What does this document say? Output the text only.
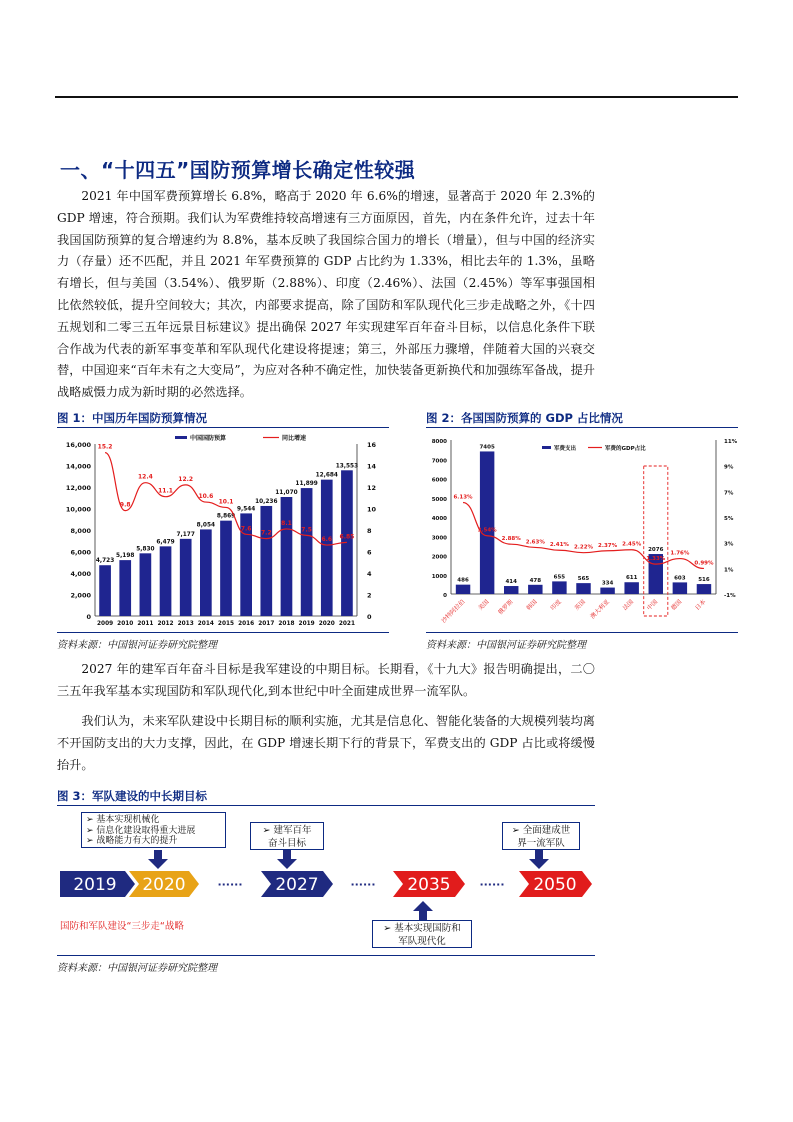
一、“十四五”国防预算增长确定性较强

2021 年中国军费预算增长 6.8%，略高于 2020 年 6.6%的增速，显著高于 2020 年 2.3%的 GDP 增速，符合预期。我们认为军费维持较高增速有三方面原因，首先，内在条件允许，过去十年我国国防预算的复合增速约为 8.8%，基本反映了我国综合国力的增长（增量），但与中国的经济实力（存量）还不匹配，并且 2021 年军费预算的 GDP 占比约为 1.33%，相比去年的 1.3%，虽略有增长，但与美国（3.54%）、俄罗斯（2.88%）、印度（2.46%）、法国（2.45%）等军事强国相比依然较低，提升空间较大；其次，内部要求提高，除了国防和军队现代化三步走战略之外，《十四五规划和二零三五年远景目标建议》提出确保 2027 年实现建军百年奋斗目标，以信息化条件下联合作战为代表的新军事变革和军队现代化建设将提速；第三，外部压力骤增，伴随着大国的兴衰交替，中国迎来“百年未有之大变局”，为应对各种不确定性，加快装备更新换代和加强练军备战，提升战略威慑力成为新时期的必然选择。

图 1：中国历年国防预算情况
0
2,000
4,000
6,000
8,000
10,000
12,000
14,000
16,000
0
2
4
6
8
10
12
14
16
4,723
2009
5,198
2010
5,830
2011
6,479
2012
7,177
2013
8,054
2014
8,869
2015
9,544
2016
10,236
2017
11,070
2018
11,899
2019
12,684
2020
13,553
2021
15.2
9.8
12.4
11.1
12.2
10.6
10.1
7.6
7.2
8.1
7.5
6.6 6.85
中国国防预算	同比增速
资料来源：中国银河证券研究院整理
图 2：各国国防预算的 GDP 占比情况
0
1000
2000
3000
4000
5000
6000
7000
8000
-1%
1%
3%
5%
7%
9%
11%
486
沙特阿拉伯
7405
美国
414
俄罗斯
478
韩国
655
印度
565
英国
334
澳大利亚
611
法国
2076
中国
603
德国
516
日本
6.13%
3.54%
2.88%
2.63% 2.41% 2.22% 2.37% 2.45%
1.33%
1.76%
0.99%
军费支出	军费的GDP占比
资料来源：中国银河证券研究院整理

2027 年的建军百年奋斗目标是我军建设的中期目标。长期看，《十九大》报告明确提出，二〇三五年我军基本实现国防和军队现代化,到本世纪中叶全面建成世界一流军队。

我们认为，未来军队建设中长期目标的顺利实施，尤其是信息化、智能化装备的大规模列装均离不开国防支出的大力支撑，因此，在 GDP 增速长期下行的背景下，军费支出的 GDP 占比或将缓慢抬升。

图 3：军队建设的中长期目标
➢ 基本实现机械化
➢ 信息化建设取得重大进展
➢ 战略能力有大的提升
➢ 建军百年
奋斗目标
➢ 全面建成世
界一流军队
➢ 基本实现国防和
军队现代化
2019 2020	2027	2035	2050
······	······	······
国防和军队建设“三步走“战略
资料来源：中国银河证券研究院整理
